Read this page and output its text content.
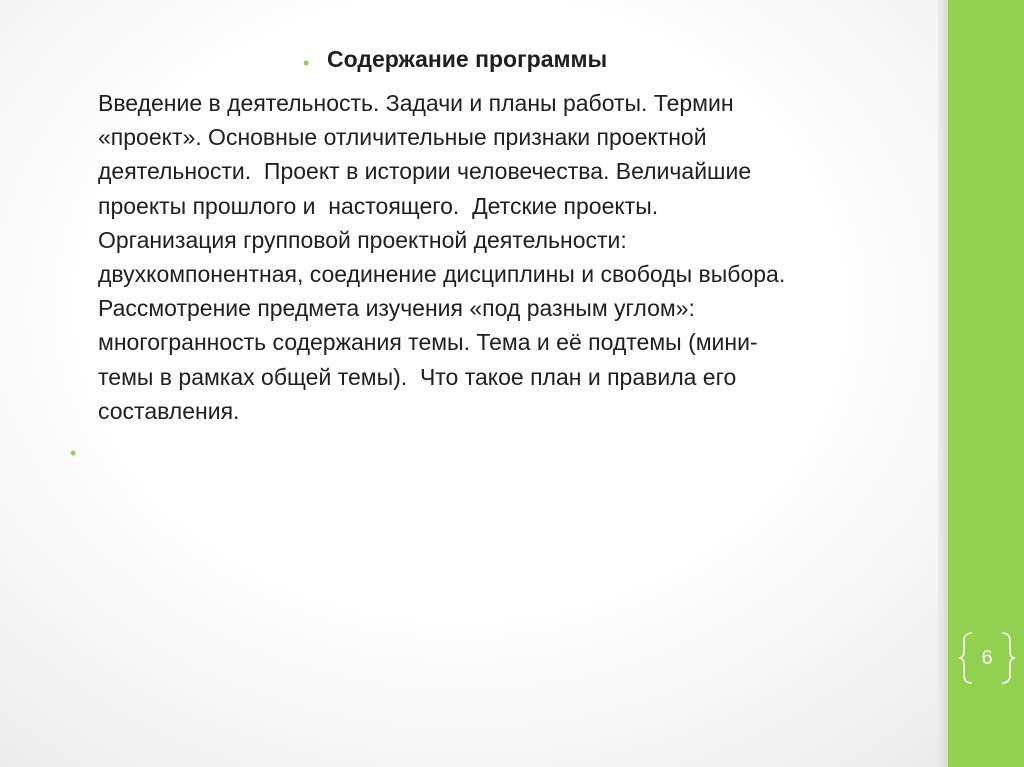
• Содержание программы

Введение в деятельность. Задачи и планы работы. Термин
«проект». Основные отличительные признаки проектной
деятельности.  Проект в истории человечества. Величайшие
проекты прошлого и  настоящего.  Детские проекты.
Организация групповой проектной деятельности:
двухкомпонентная, соединение дисциплины и свободы выбора.
Рассмотрение предмета изучения «под разным углом»:
многогранность содержания темы. Тема и её подтемы (мини-
темы в рамках общей темы).  Что такое план и правила его
составления.

•
6
